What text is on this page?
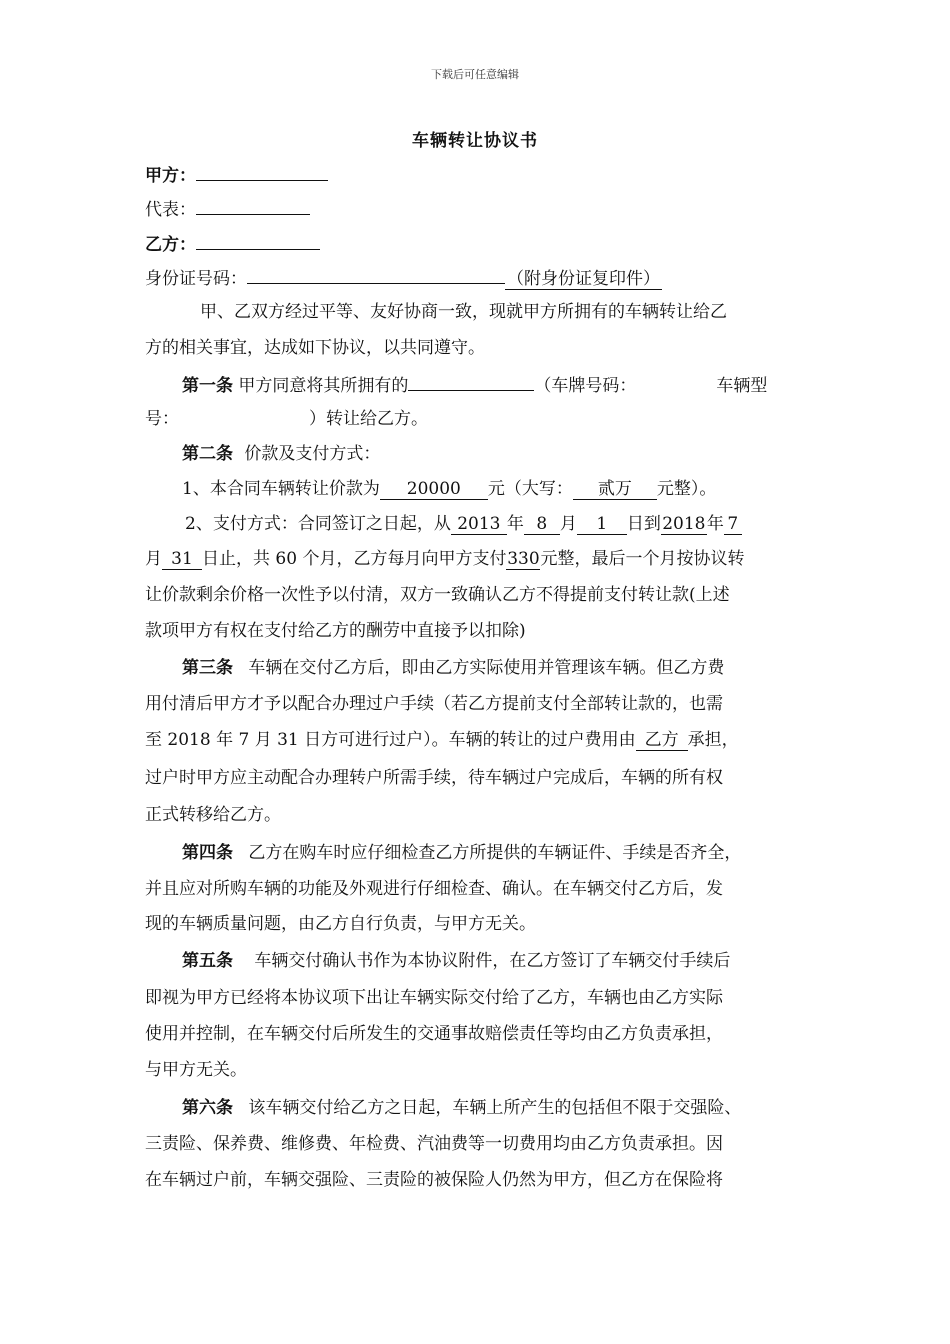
下载后可任意编辑
车辆转让协议书
甲方：
代表：
乙方：
身份证号码：	（附身份证复印件）
甲、乙双方经过平等、友好协商一致，现就甲方所拥有的车辆转让给乙
方的相关事宜，达成如下协议，以共同遵守。
第一条 甲方同意将其所拥有的	（车牌号码：	车辆型
号：	）转让给乙方。
第二条 价款及支付方式：
1、本合同车辆转让价款为 20000 元（大写： 贰万 元整）。
2、支付方式：合同签订之日起，从 2013 年 8 月 1 日到2018年 7
月 31 日止，共 60 个月，乙方每月向甲方支付330元整，最后一个月按协议转
让价款剩余价格一次性予以付清，双方一致确认乙方不得提前支付转让款(上述
款项甲方有权在支付给乙方的酬劳中直接予以扣除)
第三条 车辆在交付乙方后，即由乙方实际使用并管理该车辆。但乙方费
用付清后甲方才予以配合办理过户手续（若乙方提前支付全部转让款的，也需
至 2018 年 7 月 31 日方可进行过户）。车辆的转让的过户费用由 乙方 承担，
过户时甲方应主动配合办理转户所需手续，待车辆过户完成后，车辆的所有权
正式转移给乙方。
第四条 乙方在购车时应仔细检查乙方所提供的车辆证件、手续是否齐全，
并且应对所购车辆的功能及外观进行仔细检查、确认。在车辆交付乙方后，发
现的车辆质量问题，由乙方自行负责，与甲方无关。
第五条 车辆交付确认书作为本协议附件，在乙方签订了车辆交付手续后
即视为甲方已经将本协议项下出让车辆实际交付给了乙方，车辆也由乙方实际
使用并控制，在车辆交付后所发生的交通事故赔偿责任等均由乙方负责承担，
与甲方无关。
第六条 该车辆交付给乙方之日起，车辆上所产生的包括但不限于交强险、
三责险、保养费、维修费、年检费、汽油费等一切费用均由乙方负责承担。因
在车辆过户前，车辆交强险、三责险的被保险人仍然为甲方，但乙方在保险将
